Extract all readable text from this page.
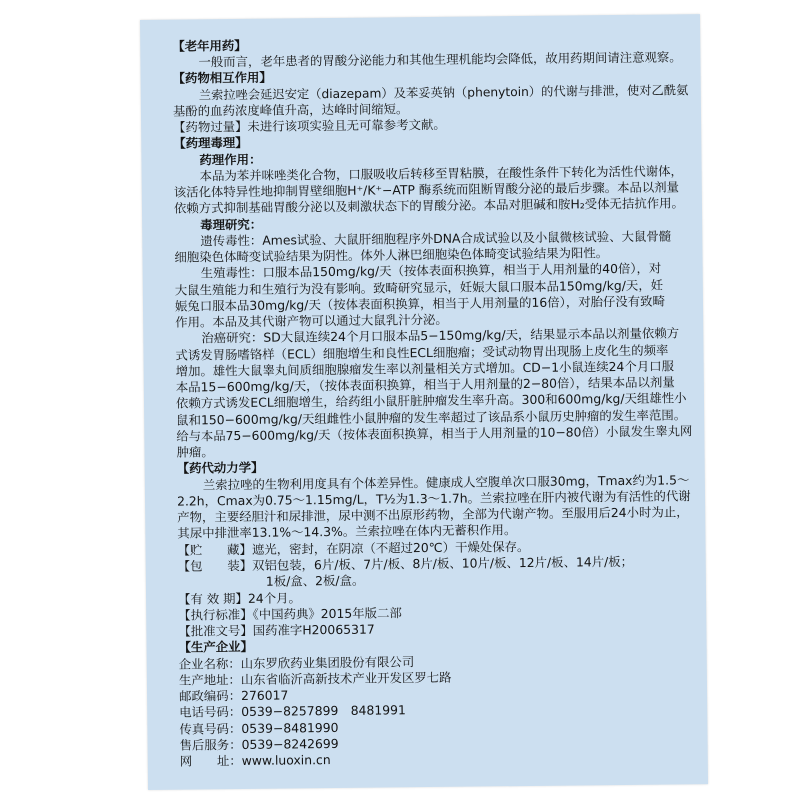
【老年用药】
一般而言，老年患者的胃酸分泌能力和其他生理机能均会降低，故用药期间请注意观察。
【药物相互作用】
兰索拉唑会延迟安定（diazepam）及苯妥英钠（phenytoin）的代谢与排泄，使对乙酰氨
基酚的血药浓度峰值升高，达峰时间缩短。
【药物过量】未进行该项实验且无可靠参考文献。
【药理毒理】
药理作用：
本品为苯并咪唑类化合物，口服吸收后转移至胃粘膜，在酸性条件下转化为活性代谢体，
该活化体特异性地抑制胃壁细胞H⁺/K⁺−ATP 酶系统而阻断胃酸分泌的最后步骤。本品以剂量
依赖方式抑制基础胃酸分泌以及刺激状态下的胃酸分泌。本品对胆碱和胺H₂受体无拮抗作用。
毒理研究：
遗传毒性：Ames试验、大鼠肝细胞程序外DNA合成试验以及小鼠微核试验、大鼠骨髓
细胞染色体畸变试验结果为阴性。体外人淋巴细胞染色体畸变试验结果为阳性。
生殖毒性：口服本品150mg/kg/天（按体表面积换算，相当于人用剂量的40倍），对
大鼠生殖能力和生殖行为没有影响。致畸研究显示，妊娠大鼠口服本品150mg/kg/天，妊
娠兔口服本品30mg/kg/天（按体表面积换算，相当于人用剂量的16倍），对胎仔没有致畸
作用。本品及其代谢产物可以通过大鼠乳汁分泌。
治癌研究：SD大鼠连续24个月口服本品5−150mg/kg/天，结果显示本品以剂量依赖方
式诱发胃肠嗜铬样（ECL）细胞增生和良性ECL细胞瘤；受试动物胃出现肠上皮化生的频率
增加。雄性大鼠睾丸间质细胞腺瘤发生率以剂量相关方式增加。CD−1小鼠连续24个月口服
本品15−600mg/kg/天，（按体表面积换算，相当于人用剂量的2−80倍），结果本品以剂量
依赖方式诱发ECL细胞增生，给药组小鼠肝脏肿瘤发生率升高。300和600mg/kg/天组雄性小
鼠和150−600mg/kg/天组雌性小鼠肿瘤的发生率超过了该品系小鼠历史肿瘤的发生率范围。
给与本品75−600mg/kg/天（按体表面积换算，相当于人用剂量的10−80倍）小鼠发生睾丸网
肿瘤。
【药代动力学】
兰索拉唑的生物利用度具有个体差异性。健康成人空腹单次口服30mg，Tmax约为1.5～
2.2h，Cmax为0.75～1.15mg/L，T½为1.3～1.7h。兰索拉唑在肝内被代谢为有活性的代谢
产物，主要经胆汁和尿排泄，尿中测不出原形药物，全部为代谢产物。至服用后24小时为止，
其尿中排泄率13.1%～14.3%。兰索拉唑在体内无蓄积作用。
【贮　　藏】遮光，密封，在阴凉（不超过20℃）干燥处保存。
【包　　装】双铝包装，6片/板、7片/板、8片/板、10片/板、12片/板、14片/板；
1板/盒、2板/盒。
【有 效 期】24个月。
【执行标准】《中国药典》2015年版二部
【批准文号】国药准字H20065317
【生产企业】
企业名称：山东罗欣药业集团股份有限公司
生产地址：山东省临沂高新技术产业开发区罗七路
邮政编码：276017
电话号码：0539−8257899　8481991
传真号码：0539−8481990
售后服务：0539−8242699
网　　址：www.luoxin.cn
